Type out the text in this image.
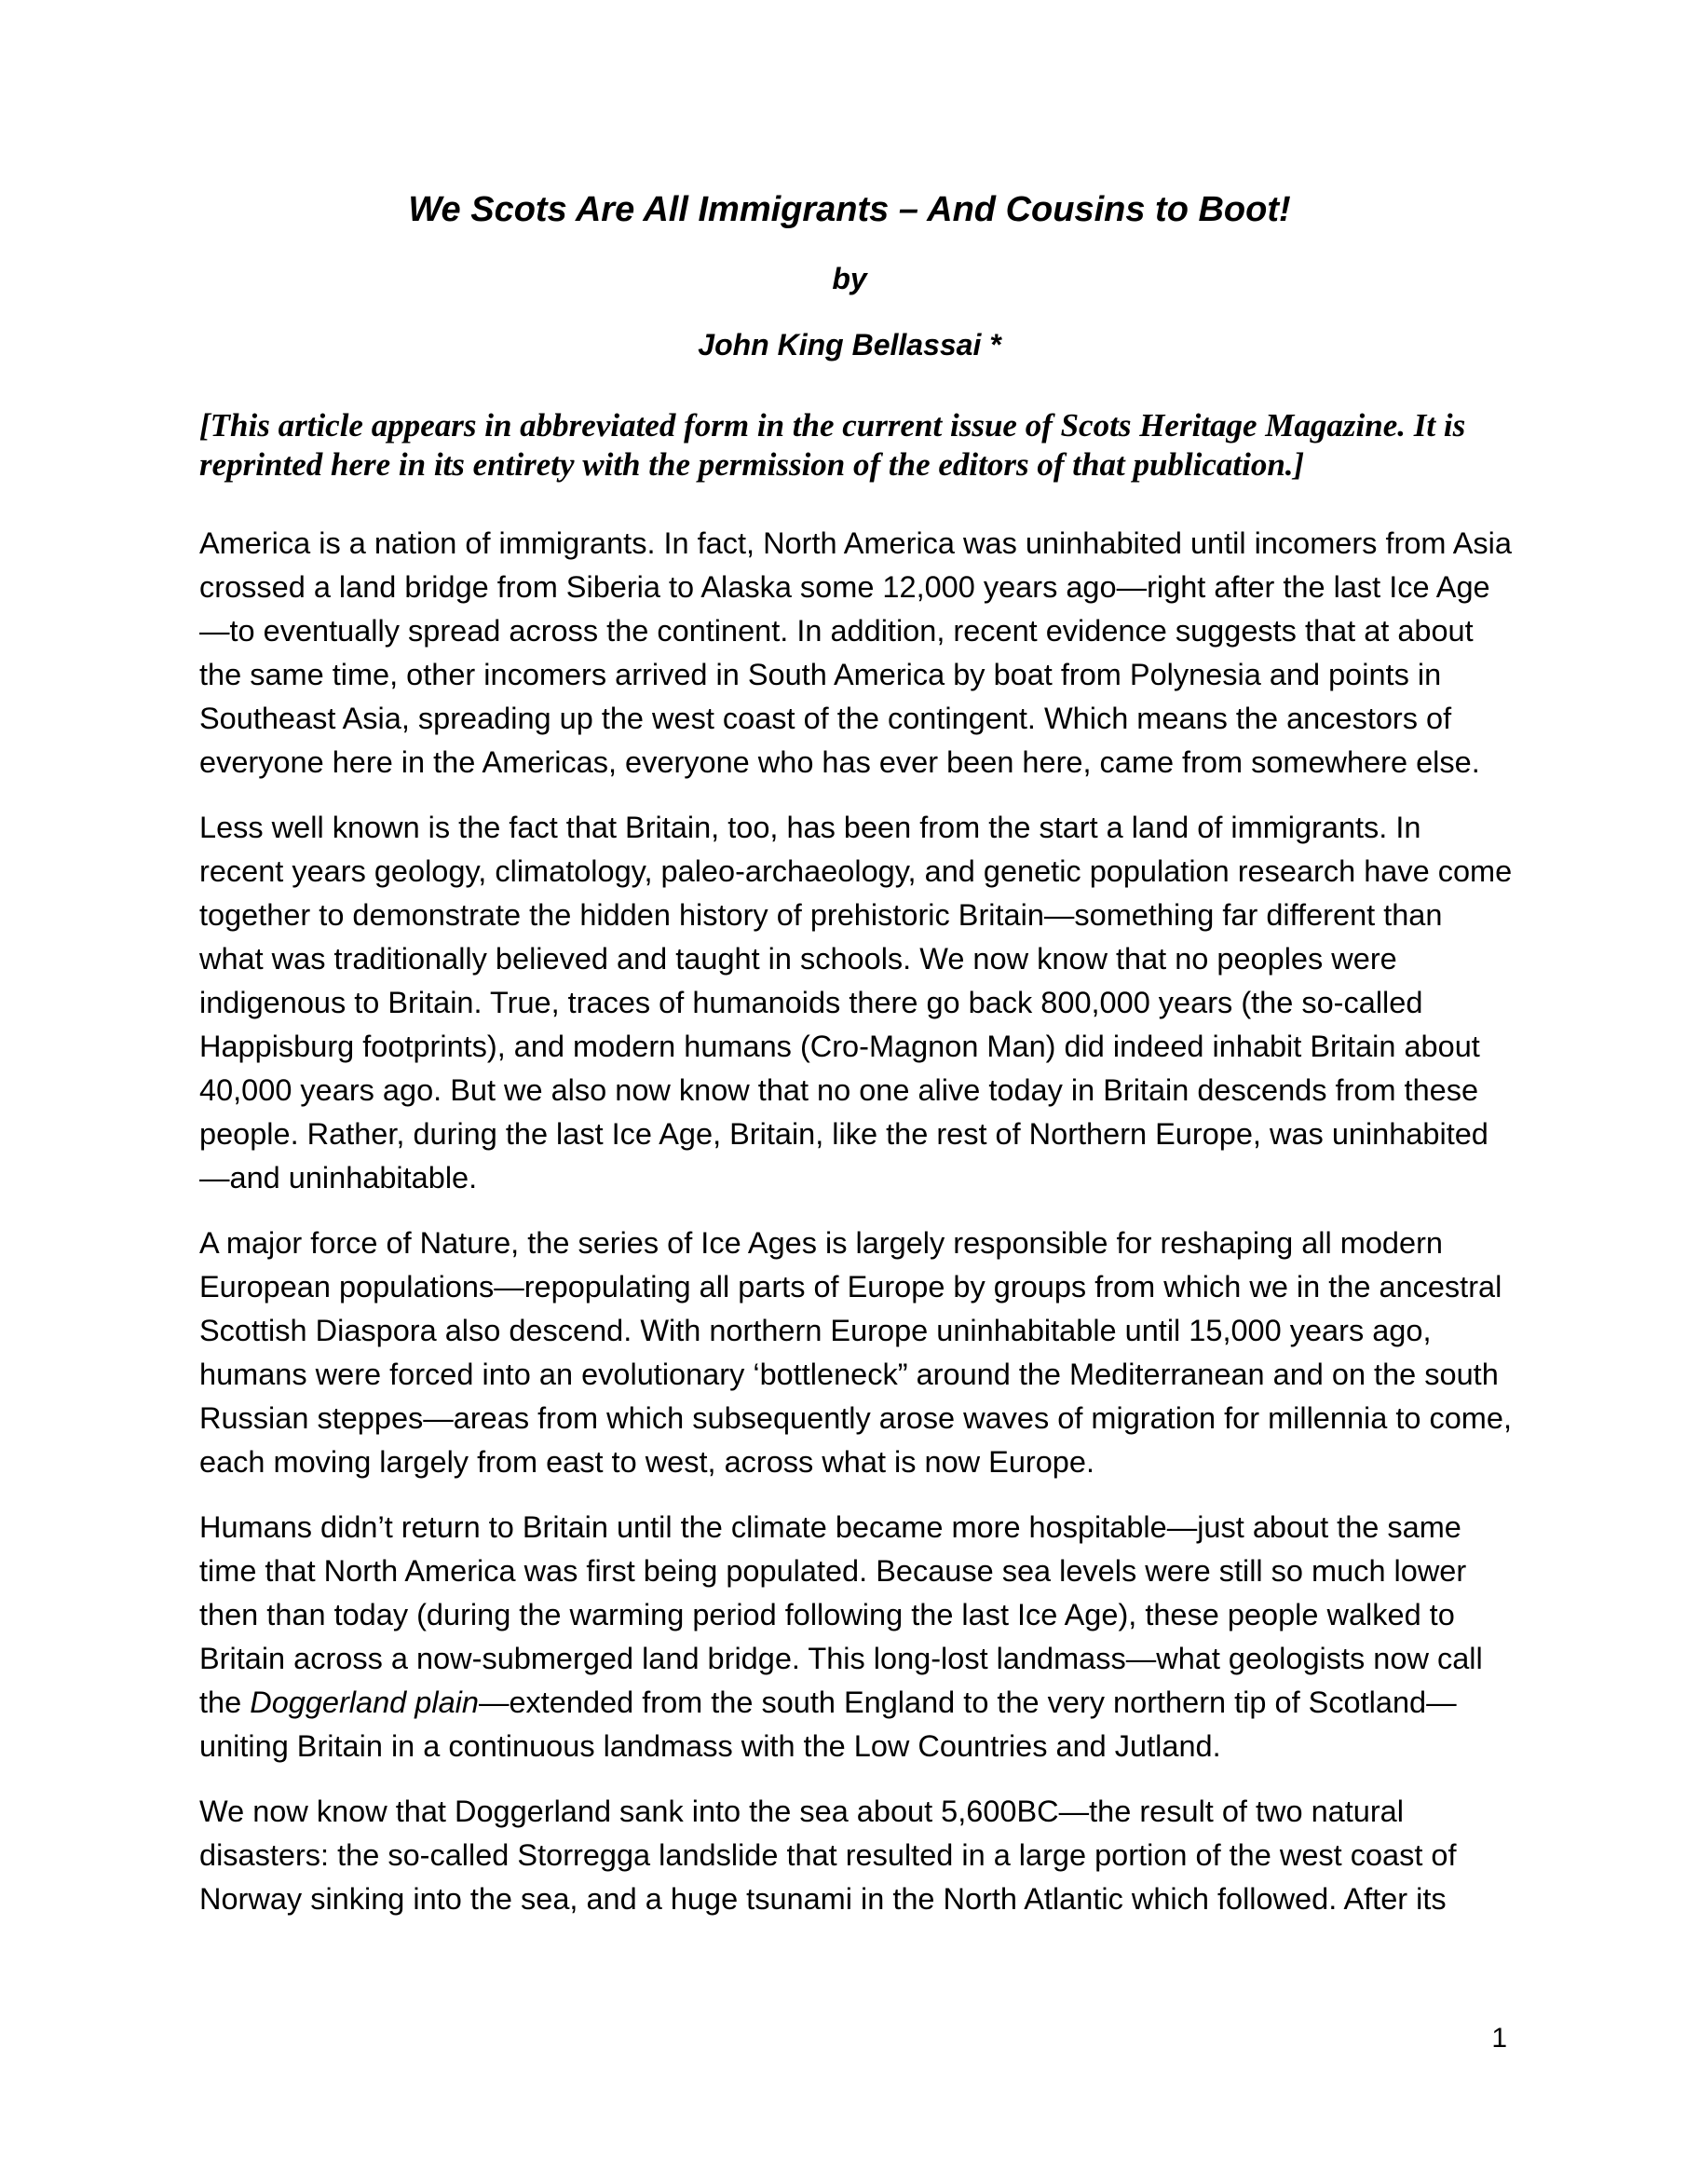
We Scots Are All Immigrants – And Cousins to Boot!
by
John King Bellassai *

[This article appears in abbreviated form in the current issue of Scots Heritage Magazine. It is reprinted here in its entirety with the permission of the editors of that publication.]

America is a nation of immigrants. In fact, North America was uninhabited until incomers from Asia crossed a land bridge from Siberia to Alaska some 12,000 years ago—right after the last Ice Age—to eventually spread across the continent. In addition, recent evidence suggests that at about the same time, other incomers arrived in South America by boat from Polynesia and points in Southeast Asia, spreading up the west coast of the contingent. Which means the ancestors of everyone here in the Americas, everyone who has ever been here, came from somewhere else.

Less well known is the fact that Britain, too, has been from the start a land of immigrants. In recent years geology, climatology, paleo-archaeology, and genetic population research have come together to demonstrate the hidden history of prehistoric Britain—something far different than what was traditionally believed and taught in schools. We now know that no peoples were indigenous to Britain. True, traces of humanoids there go back 800,000 years (the so-called Happisburg footprints), and modern humans (Cro-Magnon Man) did indeed inhabit Britain about 40,000 years ago. But we also now know that no one alive today in Britain descends from these people. Rather, during the last Ice Age, Britain, like the rest of Northern Europe, was uninhabited—and uninhabitable.

A major force of Nature, the series of Ice Ages is largely responsible for reshaping all modern European populations—repopulating all parts of Europe by groups from which we in the ancestral Scottish Diaspora also descend. With northern Europe uninhabitable until 15,000 years ago, humans were forced into an evolutionary ‘bottleneck” around the Mediterranean and on the south Russian steppes—areas from which subsequently arose waves of migration for millennia to come, each moving largely from east to west, across what is now Europe.

Humans didn’t return to Britain until the climate became more hospitable—just about the same time that North America was first being populated. Because sea levels were still so much lower then than today (during the warming period following the last Ice Age), these people walked to Britain across a now-submerged land bridge. This long-lost landmass—what geologists now call the Doggerland plain—extended from the south England to the very northern tip of Scotland—uniting Britain in a continuous landmass with the Low Countries and Jutland.

We now know that Doggerland sank into the sea about 5,600BC—the result of two natural disasters: the so-called Storregga landslide that resulted in a large portion of the west coast of Norway sinking into the sea, and a huge tsunami in the North Atlantic which followed. After its

1
